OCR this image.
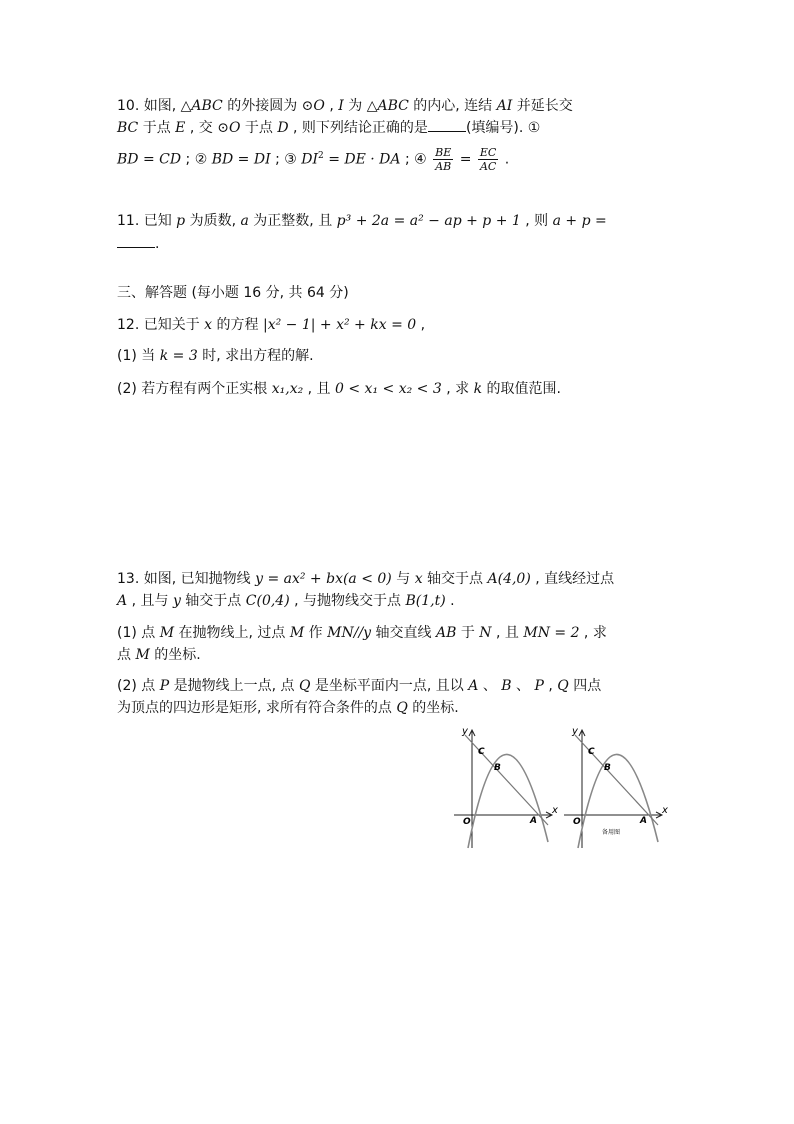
10. 如图, △ABC 的外接圆为 ⊙O , I 为 △ABC 的内心, 连结 AI 并延长交
BC 于点 E , 交 ⊙O 于点 D , 则下列结论正确的是	(填编号). ①
BD = CD ; ② BD = DI ; ③ $DI^2$ = DE · DA ; ④ $\frac{BE}{AB} = \frac{EC}{AC}$ .
11. 已知 p 为质数, a 为正整数, 且 p³ + 2a = a² − ap + p + 1 , 则 a + p =
.
三、解答题 (每小题 16 分, 共 64 分)
12. 已知关于 x 的方程 |x² − 1| + x² + kx = 0 ,
(1) 当 k = 3 时, 求出方程的解.
(2) 若方程有两个正实根 x₁,x₂ , 且 0 < x₁ < x₂ < 3 , 求 k 的取值范围.
13. 如图, 已知抛物线 y = ax² + bx(a < 0) 与 x 轴交于点 A(4,0) , 直线经过点
A , 且与 y 轴交于点 C(0,4) , 与抛物线交于点 B(1,t) .
(1) 点 M 在抛物线上, 过点 M 作 MN//y 轴交直线 AB 于 N , 且 MN = 2 , 求
点 M 的坐标.
(2) 点 P 是抛物线上一点, 点 Q 是坐标平面内一点, 且以 A 、 B 、 P , Q 四点
为顶点的四边形是矩形, 求所有符合条件的点 Q 的坐标.
y
C
B
O	A
x
y
C
B
O	A
x
备用图
